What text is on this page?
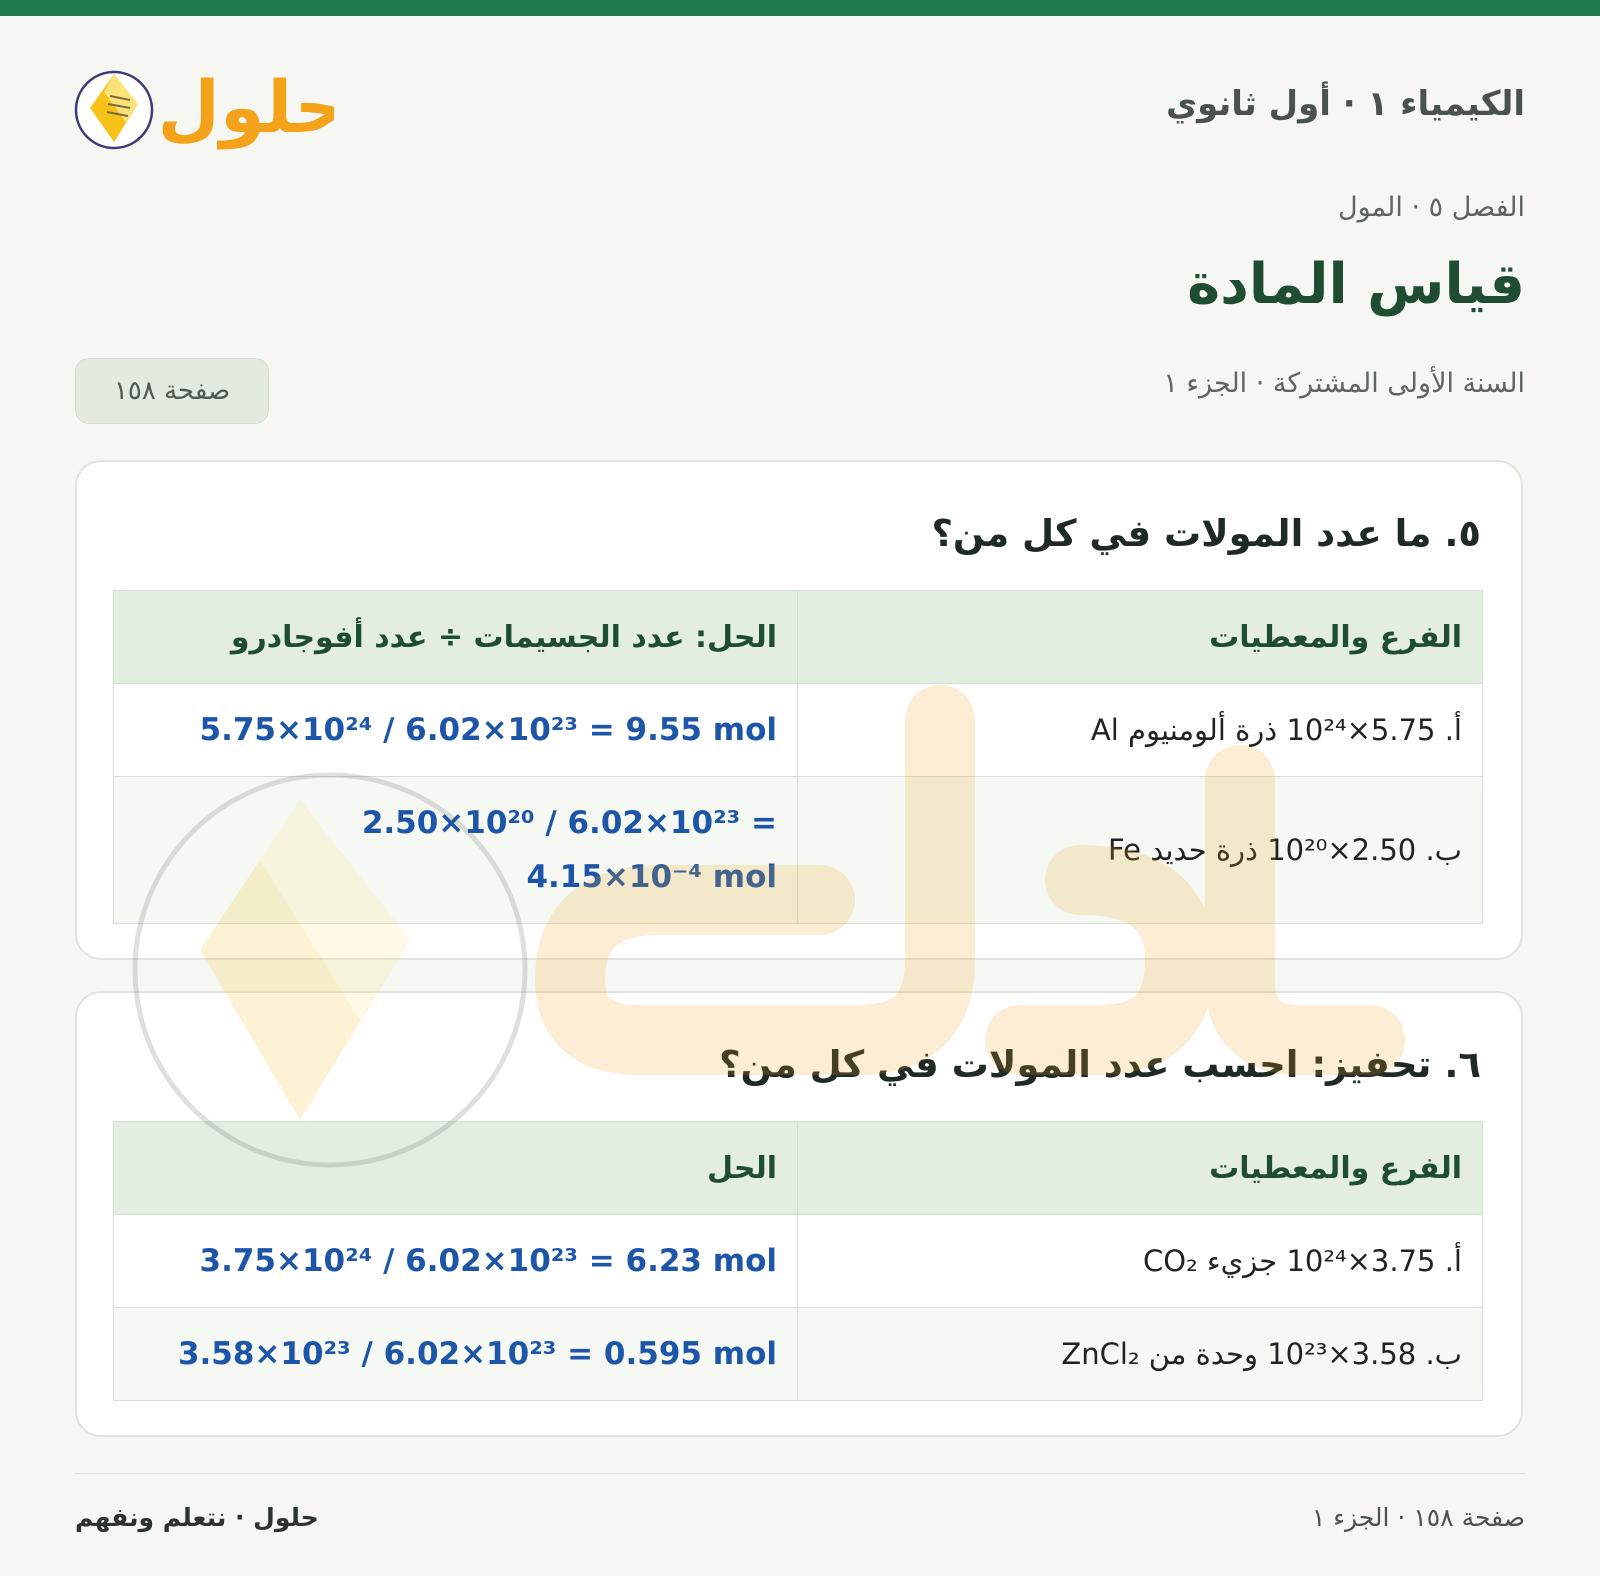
الكيمياء ١ · أول ثانوي
حلول
الفصل ٥ · المول
قياس المادة
السنة الأولى المشتركة · الجزء ١
صفحة ١٥٨
٥. ما عدد المولات في كل من؟
الفرع والمعطيات	الحل: عدد الجسيمات ÷ عدد أفوجادرو
أ. 5.75×10²⁴ ذرة ألومنيوم Al	5.75×10²⁴ / 6.02×10²³ = 9.55 mol
ب. 2.50×10²⁰ ذرة حديد Fe	2.50×10²⁰ / 6.02×10²³ = 4.15×10⁻⁴ mol
٦. تحفيز: احسب عدد المولات في كل من؟
الفرع والمعطيات	الحل
أ. 3.75×10²⁴ جزيء CO₂	3.75×10²⁴ / 6.02×10²³ = 6.23 mol
ب. 3.58×10²³ وحدة من ZnCl₂	3.58×10²³ / 6.02×10²³ = 0.595 mol
صفحة ١٥٨ · الجزء ١
حلول · نتعلم ونفهم
